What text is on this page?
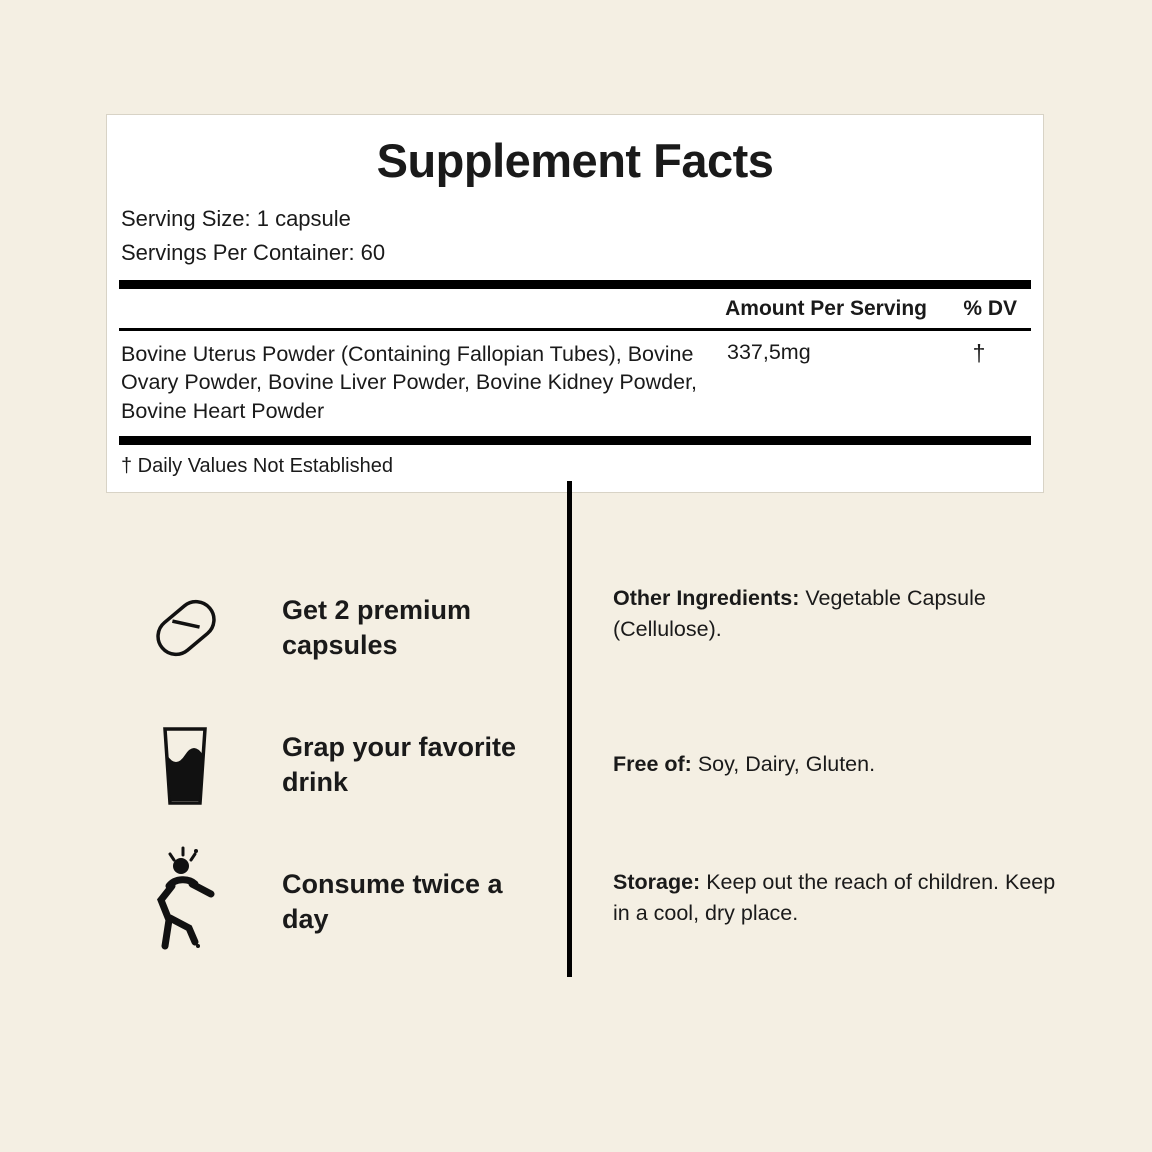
Supplement Facts
Serving Size: 1 capsule
Servings Per Container: 60
Amount Per Serving	% DV
Bovine Uterus Powder (Containing Fallopian Tubes), Bovine Ovary Powder, Bovine Liver Powder, Bovine Kidney Powder, Bovine Heart Powder
337,5mg	†
† Daily Values Not Established
Get 2 premium capsules
Grap your favorite drink
Consume twice a day
Other Ingredients: Vegetable Capsule (Cellulose).
Free of: Soy, Dairy, Gluten.
Storage: Keep out the reach of children. Keep in a cool, dry place.
